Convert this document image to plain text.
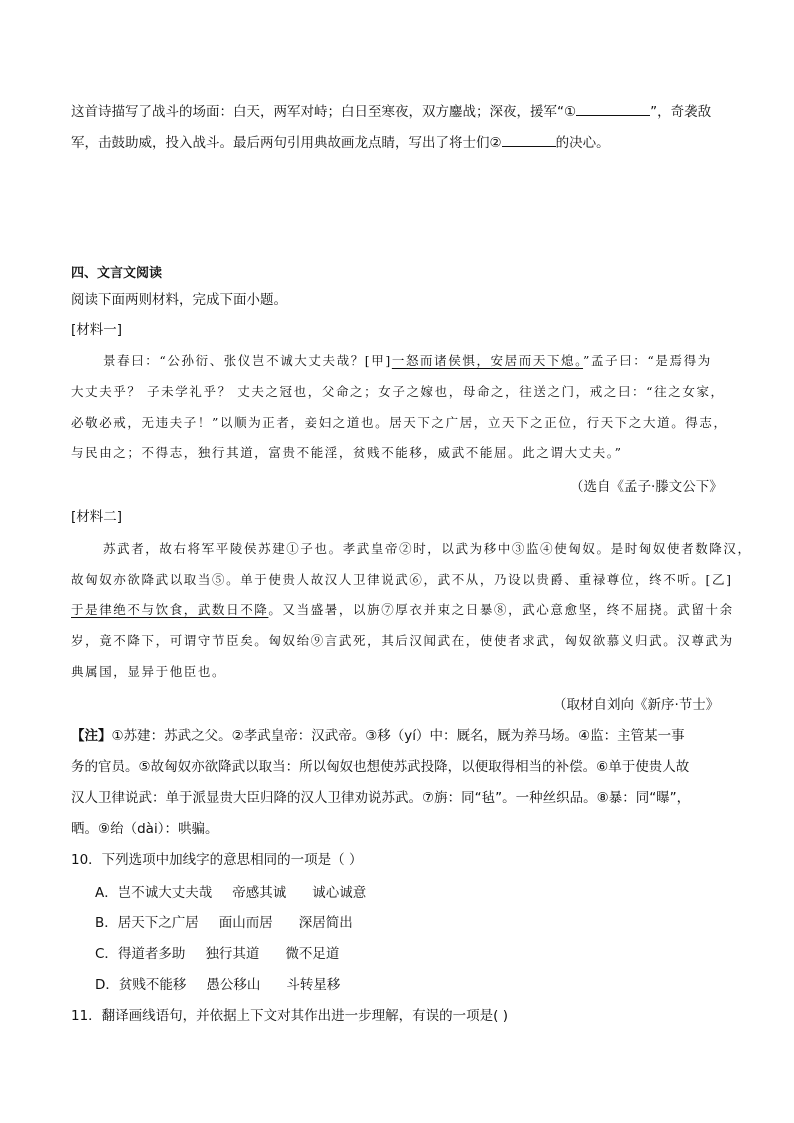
这首诗描写了战斗的场面：白天，两军对峙；白日至寒夜，双方鏖战；深夜，援军“①	”，奇袭敌
军，击鼓助威，投入战斗。最后两句引用典故画龙点睛，写出了将士们②	的决心。
四、文言文阅读
阅读下面两则材料，完成下面小题。
[材料一]
景春曰：“公孙衍、张仪岂不诚大丈夫哉？[甲]一怒而诸侯惧，安居而天下熄。”孟子曰：“是焉得为
大丈夫乎？ 子未学礼乎？ 丈夫之冠也，父命之；女子之嫁也，母命之，往送之门，戒之曰：“往之女家，
必敬必戒，无违夫子！”以顺为正者，妾妇之道也。居天下之广居，立天下之正位，行天下之大道。得志，
与民由之；不得志，独行其道，富贵不能淫，贫贱不能移，威武不能屈。此之谓大丈夫。”
（选自《孟子·滕文公下》
[材料二]
苏武者，故右将军平陵侯苏建①子也。孝武皇帝②时，以武为移中③监④使匈奴。是时匈奴使者数降汉，
故匈奴亦欲降武以取当⑤。单于使贵人故汉人卫律说武⑥，武不从，乃设以贵爵、重禄尊位，终不听。[乙]
于是律绝不与饮食，武数日不降。又当盛暑，以旃⑦厚衣并束之日暴⑧，武心意愈坚，终不屈挠。武留十余
岁，竟不降下，可谓守节臣矣。匈奴绐⑨言武死，其后汉闻武在，使使者求武，匈奴欲慕义归武。汉尊武为
典属国，显异于他臣也。
（取材自刘向《新序·节士》
【注】①苏建：苏武之父。②孝武皇帝：汉武帝。③移（yí）中：厩名，厩为养马场。④监：主管某一事
务的官员。⑤故匈奴亦欲降武以取当：所以匈奴也想使苏武投降，以便取得相当的补偿。⑥单于使贵人故
汉人卫律说武：单于派显贵大臣归降的汉人卫律劝说苏武。⑦旃：同“毡”。一种丝织品。⑧暴：同“曝”，
晒。⑨绐（dài）：哄骗。
10．下列选项中加线字的意思相同的一项是（ ）
A．岂不诚大丈夫哉 帝感其诚 诚心诚意
B．居天下之广居 面山而居 深居简出
C．得道者多助 独行其道 微不足道
D．贫贱不能移 愚公移山 斗转星移
11．翻译画线语句，并依据上下文对其作出进一步理解，有误的一项是( )
